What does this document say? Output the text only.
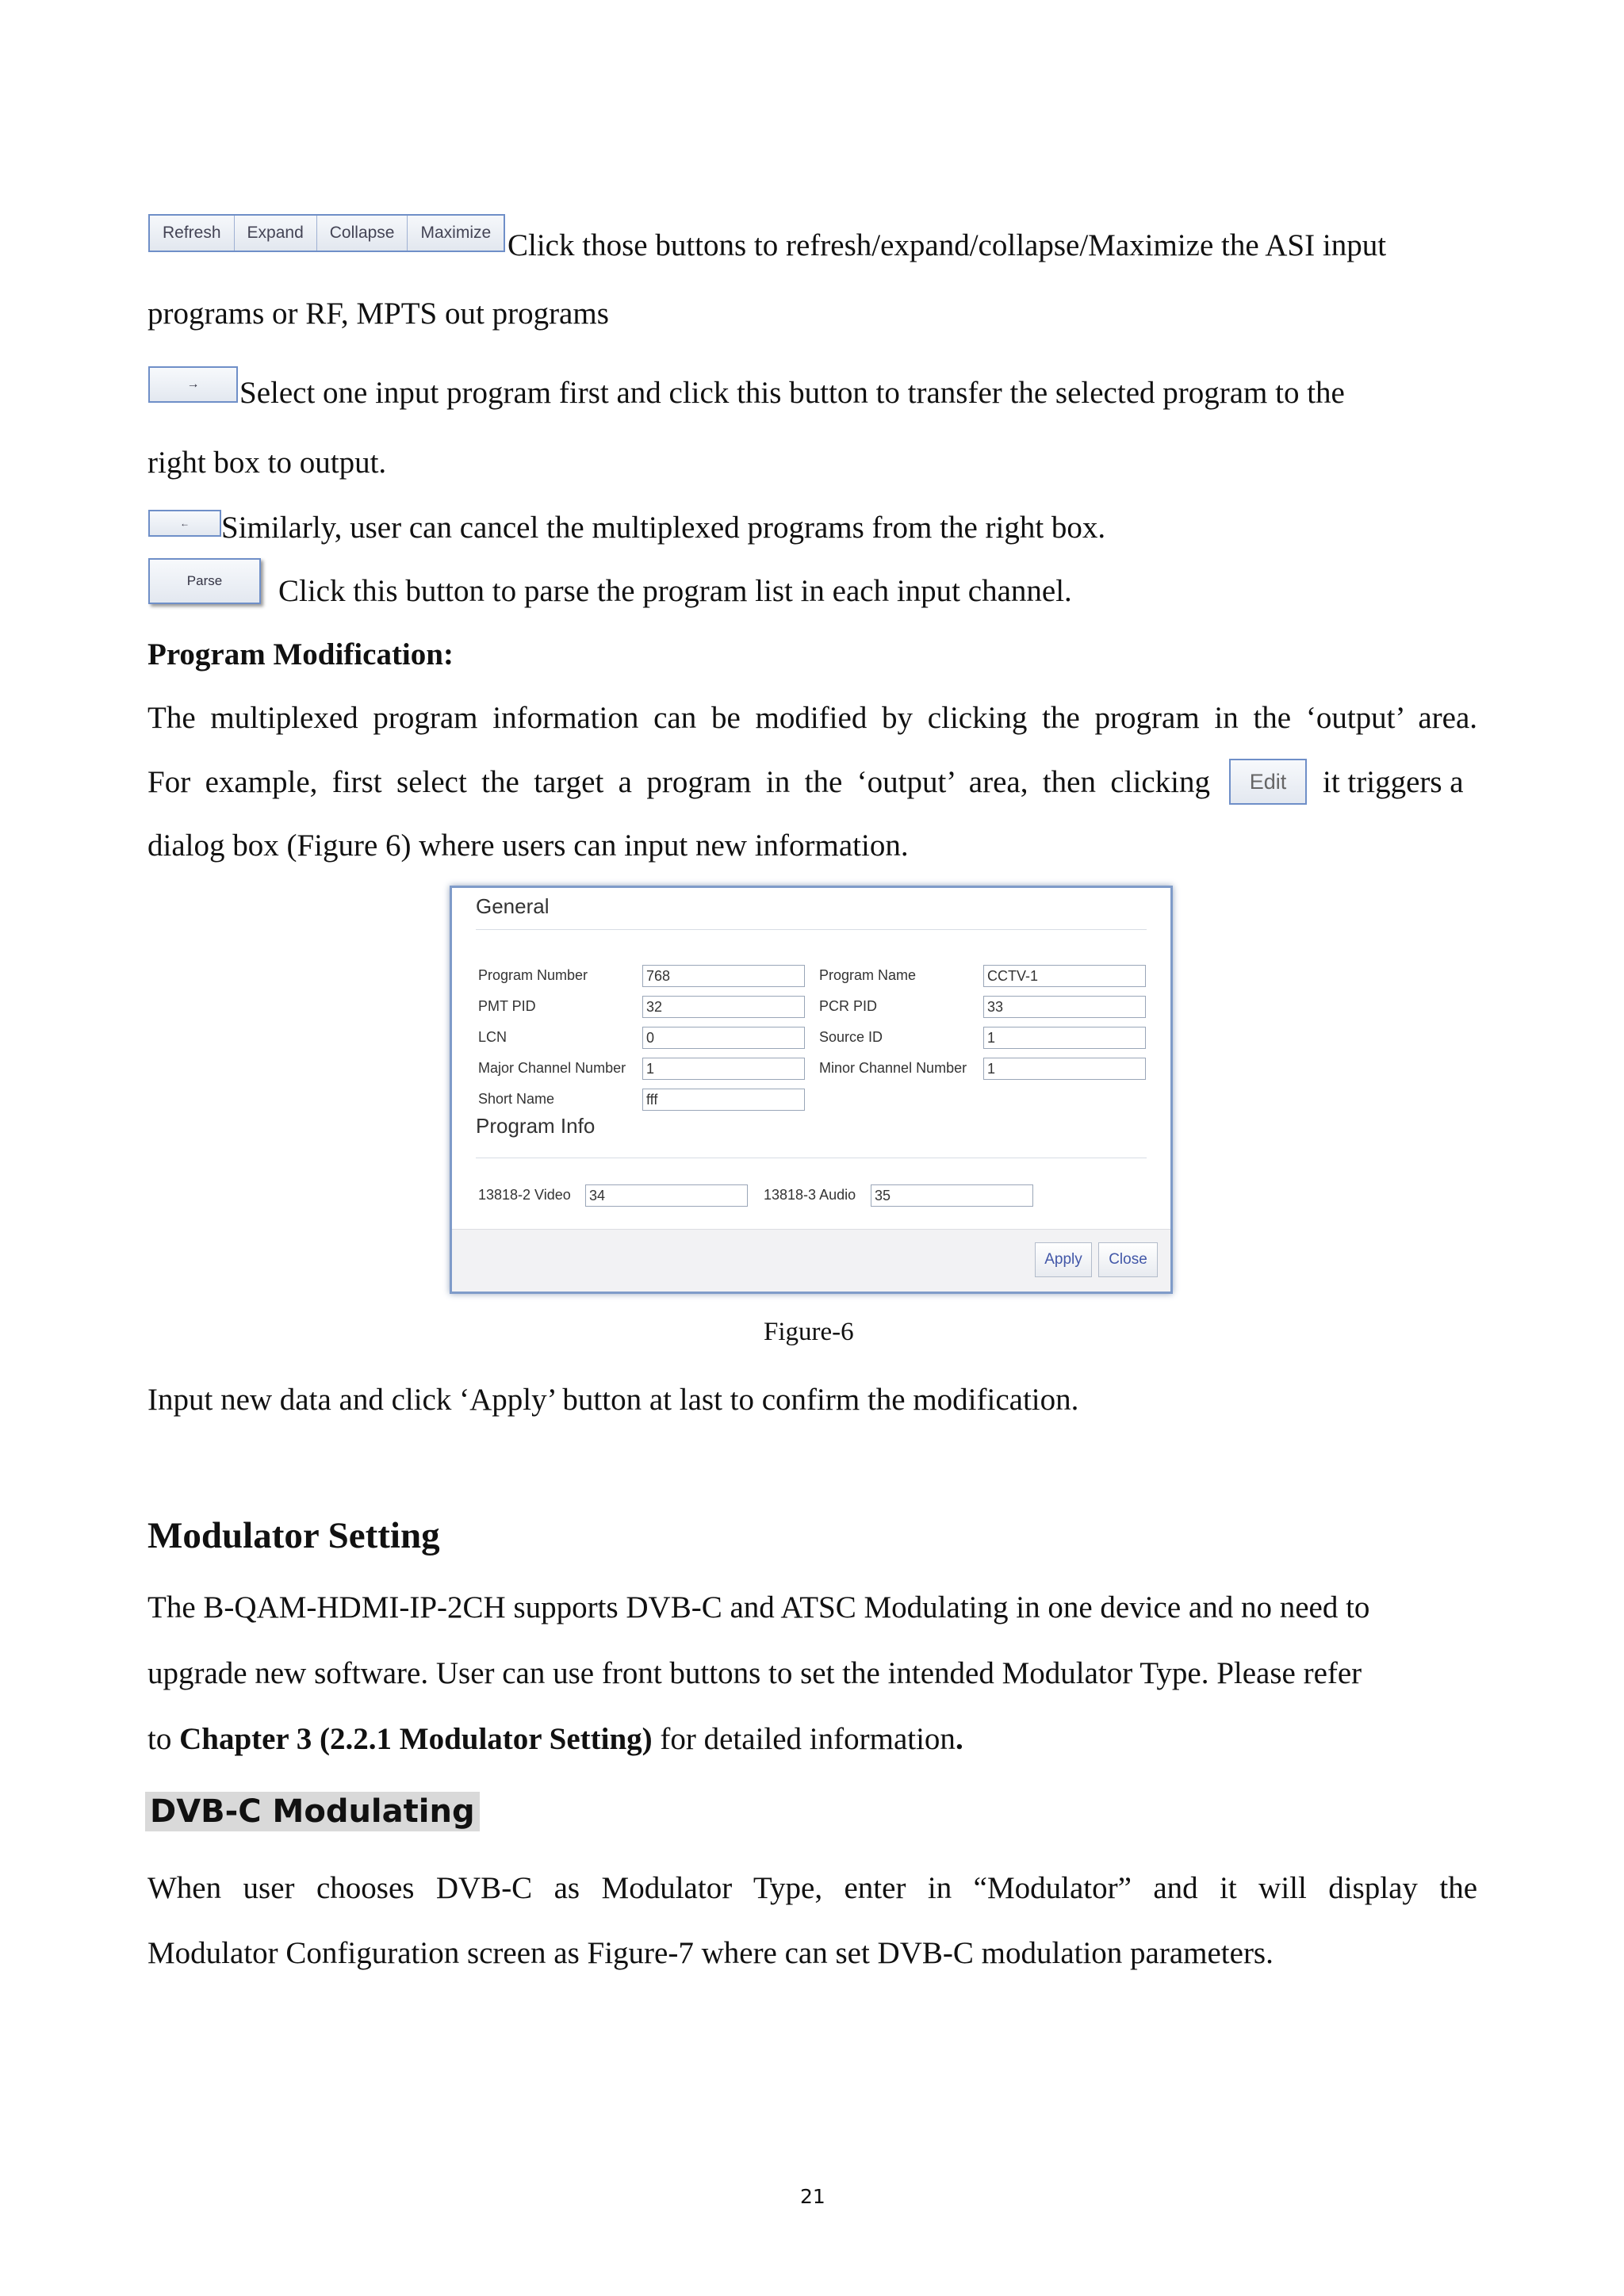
Refresh	Expand	Collapse	Maximize Click those buttons to refresh/expand/collapse/Maximize the ASI input
programs or RF, MPTS out programs
→ Select one input program first and click this button to transfer the selected program to the
right box to output.
← Similarly, user can cancel the multiplexed programs from the right box.
Parse Click this button to parse the program list in each input channel.
Program Modification:
The multiplexed program information can be modified by clicking the program in the ‘output’ area.
For example, first select the target a program in the ‘output’ area, then clicking Edit it triggers a
dialog box (Figure 6) where users can input new information.
General
Program Number	768	Program Name	CCTV-1
PMT PID	32	PCR PID	33
LCN	0	Source ID	1
Major Channel Number 1	Minor Channel Number 1
Short Name	fff
Program Info
13818-2 Video 34	13818-3 Audio 35
Apply	Close
Figure-6
Input new data and click ‘Apply’ button at last to confirm the modification.
Modulator Setting
The B-QAM-HDMI-IP-2CH supports DVB-C and ATSC Modulating in one device and no need to
upgrade new software. User can use front buttons to set the intended Modulator Type. Please refer
to Chapter 3 (2.2.1 Modulator Setting) for detailed information.
DVB-C Modulating
When user chooses DVB-C as Modulator Type, enter in “Modulator” and it will display the
Modulator Configuration screen as Figure-7 where can set DVB-C modulation parameters.
21
